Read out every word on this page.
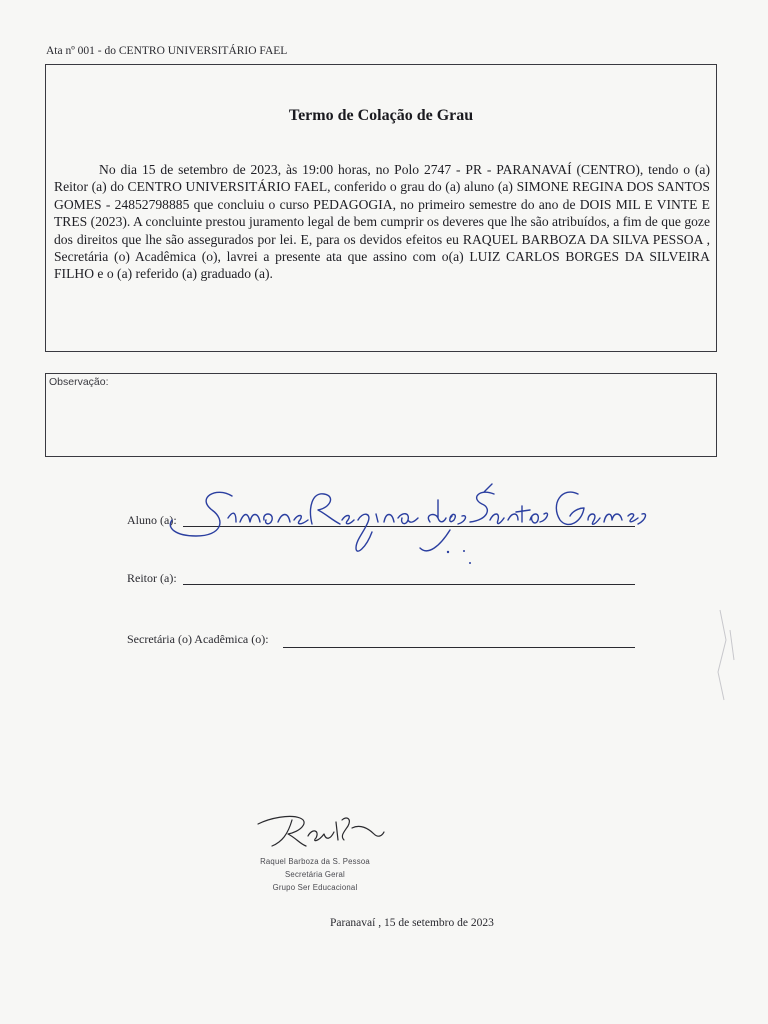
Ata nº 001 - do CENTRO UNIVERSITÁRIO FAEL
Termo de Colação de Grau
No dia 15 de setembro de 2023, às 19:00 horas, no Polo 2747 - PR - PARANAVAÍ (CENTRO), tendo o (a) Reitor (a) do CENTRO UNIVERSITÁRIO FAEL, conferido o grau do (a) aluno (a) SIMONE REGINA DOS SANTOS GOMES - 24852798885 que concluiu o curso PEDAGOGIA, no primeiro semestre do ano de DOIS MIL E VINTE E TRES (2023). A concluinte prestou juramento legal de bem cumprir os deveres que lhe são atribuídos, a fim de que goze dos direitos que lhe são assegurados por lei. E, para os devidos efeitos eu RAQUEL BARBOZA DA SILVA PESSOA , Secretária (o) Acadêmica (o), lavrei a presente ata que assino com o(a) LUIZ CARLOS BORGES DA SILVEIRA FILHO e o (a) referido (a) graduado (a).
Observação:
Aluno (a):
Reitor (a):
Secretária (o) Acadêmica (o):
Raquel Barboza da S. Pessoa
Secretária Geral
Grupo Ser Educacional
Paranavaí , 15 de setembro de 2023
